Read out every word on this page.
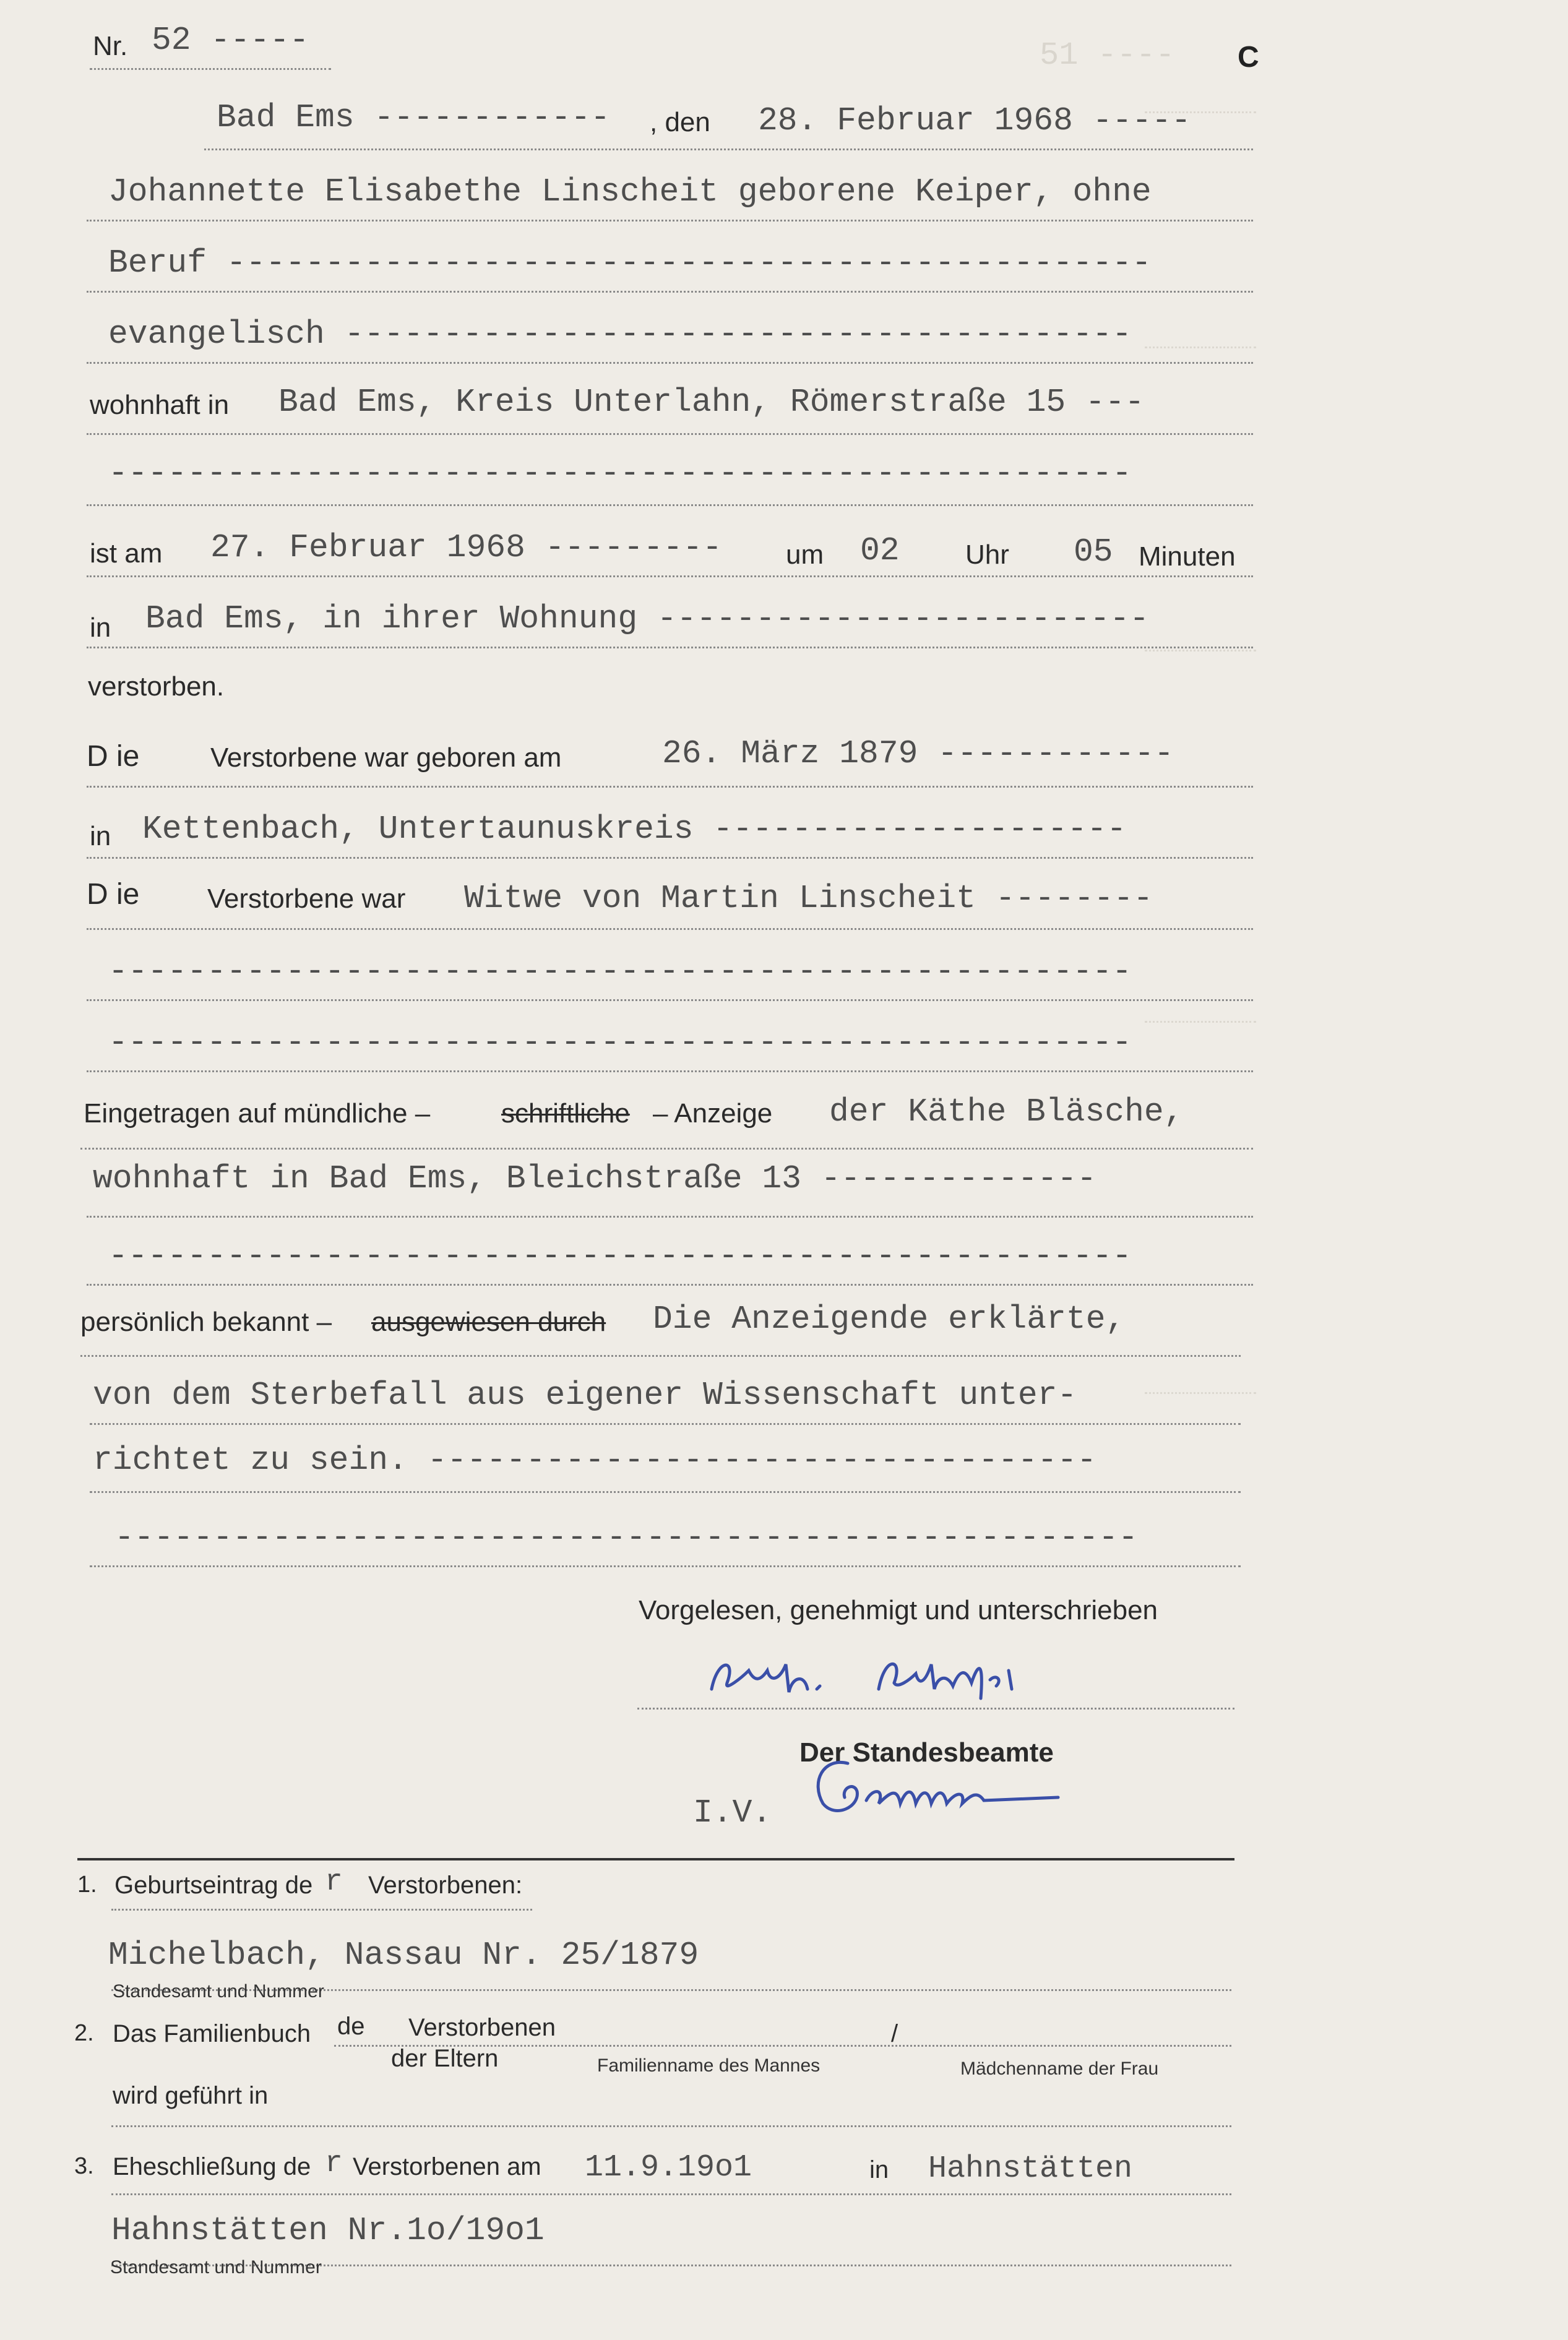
51 ---- C
Nr. 52 -----
Bad Ems ------------ , den 28. Februar 1968 -----
Johannette Elisabethe Linscheit geborene Keiper, ohne
Beruf -----------------------------------------------
evangelisch ----------------------------------------
wohnhaft in Bad Ems, Kreis Unterlahn, Römerstraße 15 ---
----------------------------------------------------
ist am 27. Februar 1968 --------- um 02 Uhr 05 Minuten
in Bad Ems, in ihrer Wohnung -------------------------
verstorben.
D ie	Verstorbene war geboren am	26. März 1879 ------------
in Kettenbach, Untertaunuskreis ---------------------
D ie Verstorbene war Witwe von Martin Linscheit --------
----------------------------------------------------
----------------------------------------------------
Eingetragen auf mündliche –	schriftliche – Anzeige der Käthe Bläsche,
wohnhaft in Bad Ems, Bleichstraße 13 --------------
----------------------------------------------------
persönlich bekannt – ausgewiesen durch Die Anzeigende erklärte,
von dem Sterbefall aus eigener Wissenschaft unter-
richtet zu sein. ----------------------------------
----------------------------------------------------
Vorgelesen, genehmigt und unterschrieben
Der Standesbeamte
I.V.
1. Geburtseintrag de r Verstorbenen:
Michelbach, Nassau Nr. 25/1879
Standesamt und Nummer
2. Das Familienbuch de Verstorbenen	/
der Eltern	Familienname des Mannes	Mädchenname der Frau
wird geführt in
3. Eheschließung de r Verstorbenen am 11.9.19o1	in Hahnstätten
Hahnstätten Nr.1o/19o1
Standesamt und Nummer
